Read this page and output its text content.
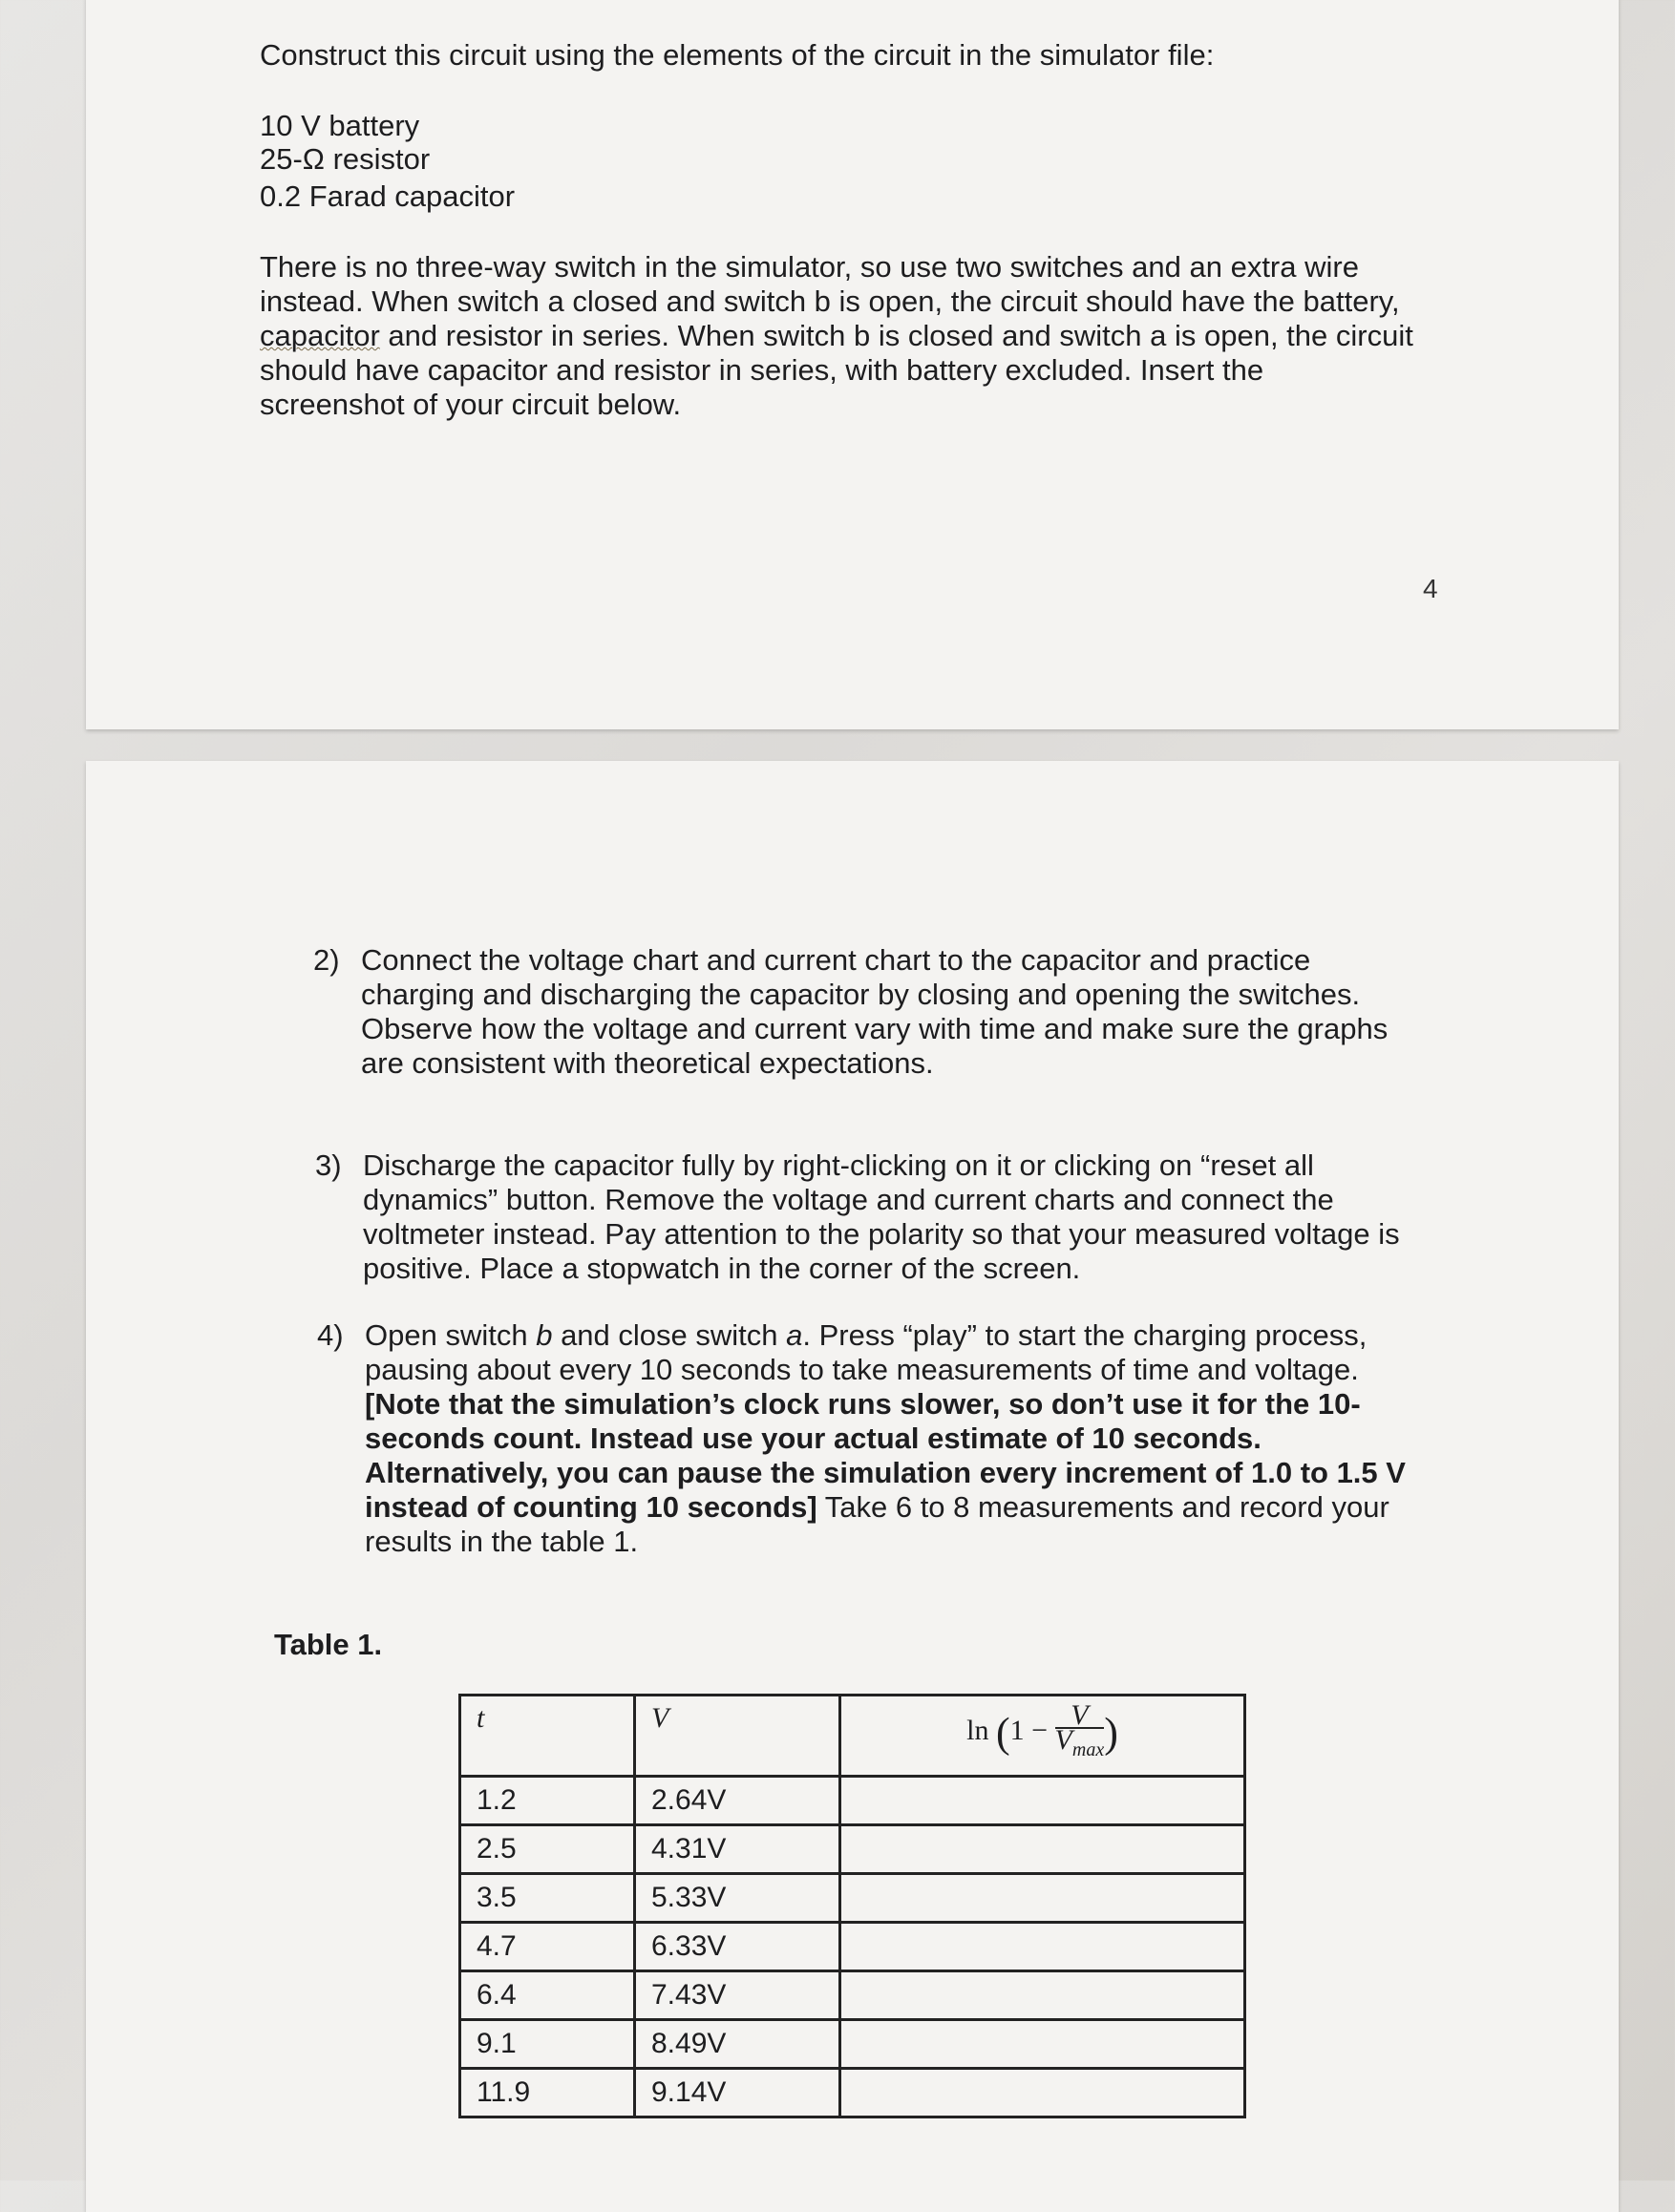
Construct this circuit using the elements of the circuit in the simulator file:
10 V battery
25-Ω resistor
0.2 Farad capacitor

There is no three-way switch in the simulator, so use two switches and an extra wire

instead. When switch a closed and switch b is open, the circuit should have the battery,

capacitor and resistor in series. When switch b is closed and switch a is open, the circuit

should have capacitor and resistor in series, with battery excluded. Insert the

screenshot of your circuit below.

4
2) Connect the voltage chart and current chart to the capacitor and practice

charging and discharging the capacitor by closing and opening the switches.

Observe how the voltage and current vary with time and make sure the graphs

are consistent with theoretical expectations.

3) Discharge the capacitor fully by right-clicking on it or clicking on “reset all

dynamics” button. Remove the voltage and current charts and connect the

voltmeter instead. Pay attention to the polarity so that your measured voltage is

positive. Place a stopwatch in the corner of the screen.

4) Open switch b and close switch a. Press “play” to start the charging process,

pausing about every 10 seconds to take measurements of time and voltage.

[Note that the simulation’s clock runs slower, so don’t use it for the 10-

seconds count. Instead use your actual estimate of 10 seconds.

Alternatively, you can pause the simulation every increment of 1.0 to 1.5 V

instead of counting 10 seconds] Take 6 to 8 measurements and record your

results in the table 1.

Table 1.
t	V	$\ln (1 - \frac{V}{V_{max}}$ )
1.2	2.64V	
2.5	4.31V	
3.5	5.33V	
4.7	6.33V	
6.4	7.43V	
9.1	8.49V	
11.9	9.14V	
